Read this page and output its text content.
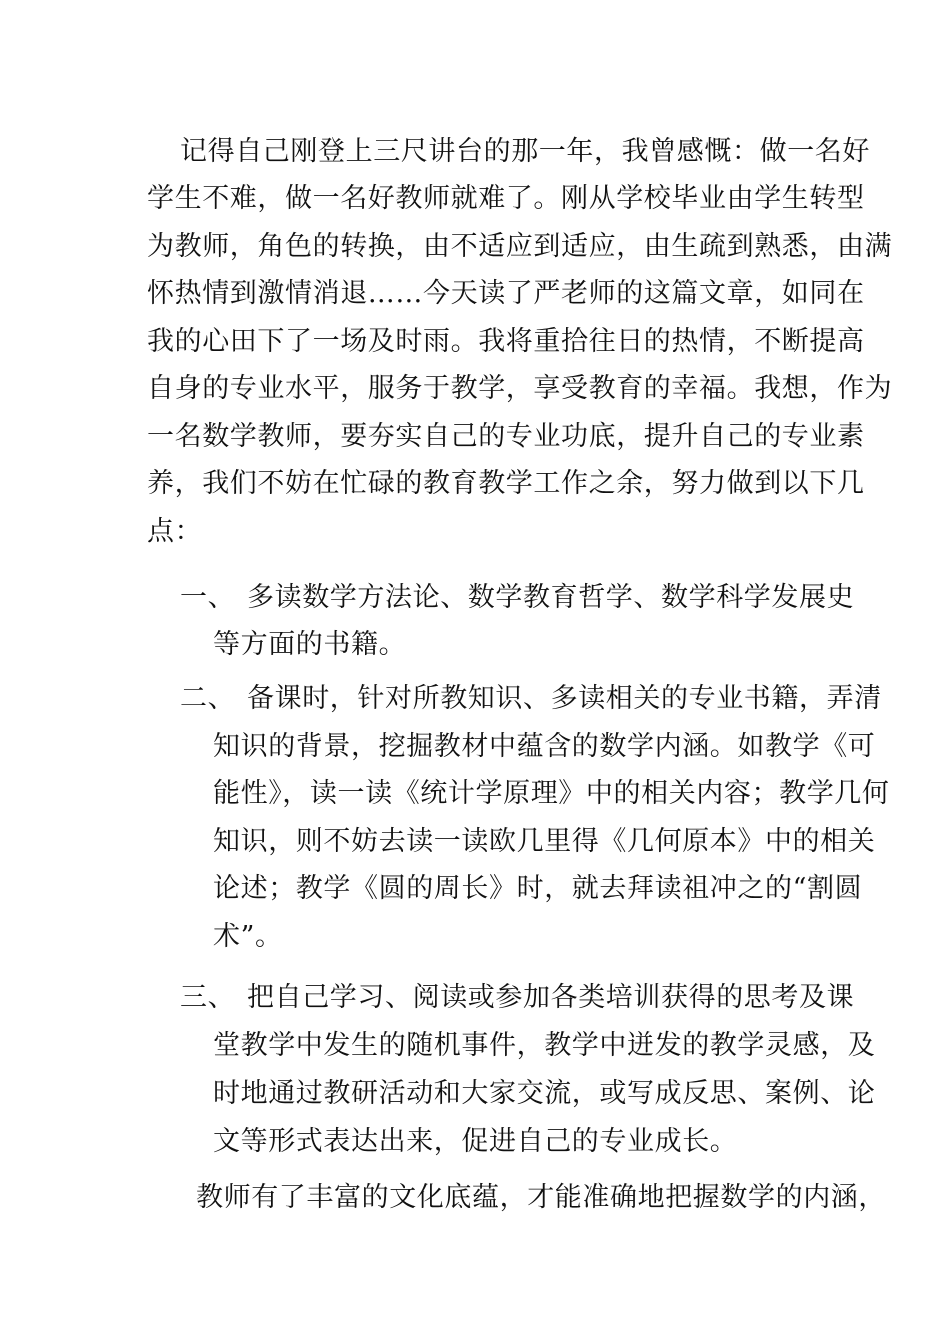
记得自己刚登上三尺讲台的那一年，我曾感慨：做一名好
学生不难，做一名好教师就难了。刚从学校毕业由学生转型
为教师，角色的转换，由不适应到适应，由生疏到熟悉，由满
怀热情到激情消退……今天读了严老师的这篇文章，如同在
我的心田下了一场及时雨。我将重拾往日的热情，不断提高
自身的专业水平，服务于教学，享受教育的幸福。我想，作为
一名数学教师，要夯实自己的专业功底，提升自己的专业素
养，我们不妨在忙碌的教育教学工作之余，努力做到以下几
点：
一、 多读数学方法论、数学教育哲学、数学科学发展史
等方面的书籍。
二、 备课时，针对所教知识、多读相关的专业书籍，弄清
知识的背景，挖掘教材中蕴含的数学内涵。如教学《可
能性》，读一读《统计学原理》中的相关内容；教学几何
知识，则不妨去读一读欧几里得《几何原本》中的相关
论述；教学《圆的周长》时，就去拜读祖冲之的“割圆
术”。
三、 把自己学习、阅读或参加各类培训获得的思考及课
堂教学中发生的随机事件，教学中迸发的教学灵感，及
时地通过教研活动和大家交流，或写成反思、案例、论
文等形式表达出来，促进自己的专业成长。
教师有了丰富的文化底蕴，才能准确地把握数学的内涵，
